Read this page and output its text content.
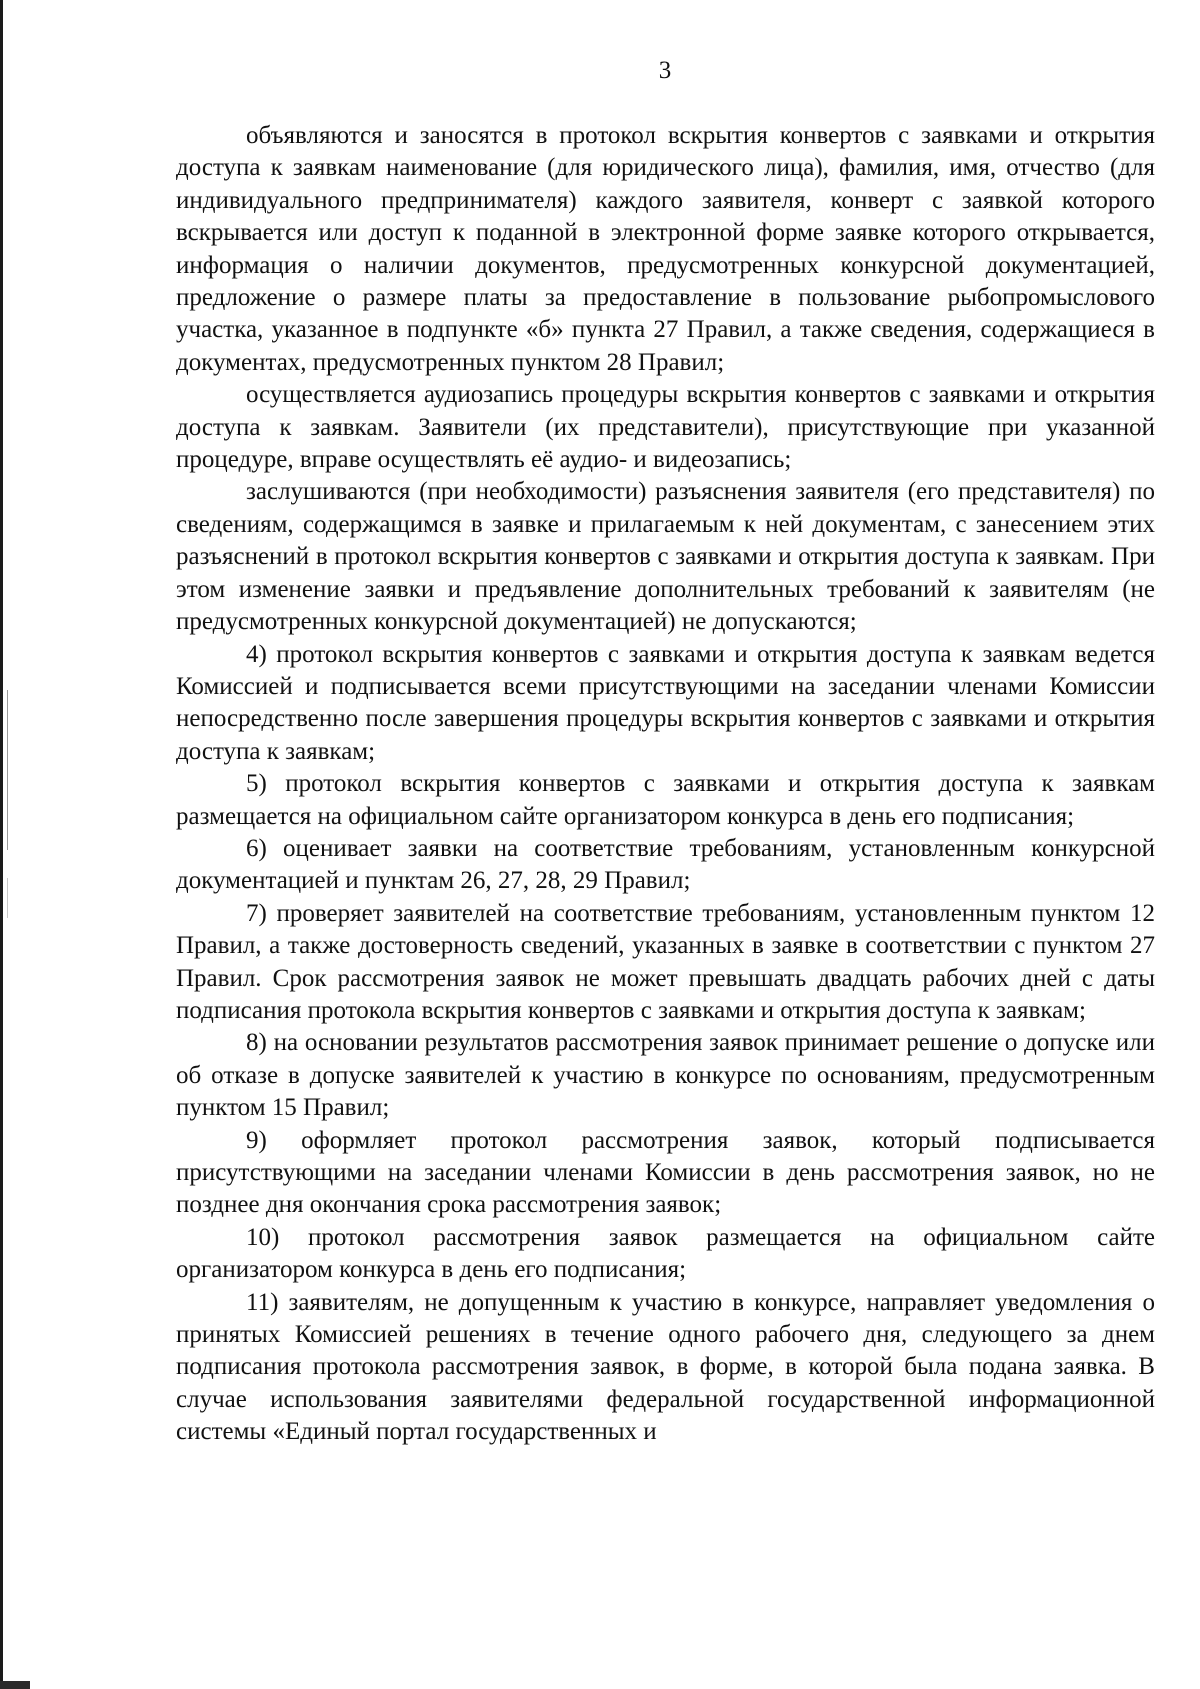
3

объявляются и заносятся в протокол вскрытия конвертов с заявками и открытия доступа к заявкам наименование (для юридического лица), фамилия, имя, отчество (для индивидуального предпринимателя) каждого заявителя, конверт с заявкой которого вскрывается или доступ к поданной в электронной форме заявке которого открывается, информация о наличии документов, предусмотренных конкурсной документацией, предложение о размере платы за предоставление в пользование рыбопромыслового участка, указанное в подпункте «б» пункта 27 Правил, а также сведения, содержащиеся в документах, предусмотренных пунктом 28 Правил;

осуществляется аудиозапись процедуры вскрытия конвертов с заявками и открытия доступа к заявкам. Заявители (их представители), присутствующие при указанной процедуре, вправе осуществлять её аудио- и видеозапись;

заслушиваются (при необходимости) разъяснения заявителя (его представителя) по сведениям, содержащимся в заявке и прилагаемым к ней документам, с занесением этих разъяснений в протокол вскрытия конвертов с заявками и открытия доступа к заявкам. При этом изменение заявки и предъявление дополнительных требований к заявителям (не предусмотренных конкурсной документацией) не допускаются;

4) протокол вскрытия конвертов с заявками и открытия доступа к заявкам ведется Комиссией и подписывается всеми присутствующими на заседании членами Комиссии непосредственно после завершения процедуры вскрытия конвертов с заявками и открытия доступа к заявкам;

5) протокол вскрытия конвертов с заявками и открытия доступа к заявкам размещается на официальном сайте организатором конкурса в день его подписания;

6) оценивает заявки на соответствие требованиям, установленным конкурсной документацией и пунктам 26, 27, 28, 29 Правил;

7) проверяет заявителей на соответствие требованиям, установленным пунктом 12 Правил, а также достоверность сведений, указанных в заявке в соответствии с пунктом 27 Правил. Срок рассмотрения заявок не может превышать двадцать рабочих дней с даты подписания протокола вскрытия конвертов с заявками и открытия доступа к заявкам;

8) на основании результатов рассмотрения заявок принимает решение о допуске или об отказе в допуске заявителей к участию в конкурсе по основаниям, предусмотренным пунктом 15 Правил;

9) оформляет протокол рассмотрения заявок, который подписывается присутствующими на заседании членами Комиссии в день рассмотрения заявок, но не позднее дня окончания срока рассмотрения заявок;

10) протокол рассмотрения заявок размещается на официальном сайте организатором конкурса в день его подписания;

11) заявителям, не допущенным к участию в конкурсе, направляет уведомления о принятых Комиссией решениях в течение одного рабочего дня, следующего за днем подписания протокола рассмотрения заявок, в форме, в которой была подана заявка. В случае использования заявителями федеральной государственной информационной системы «Единый портал государственных и
